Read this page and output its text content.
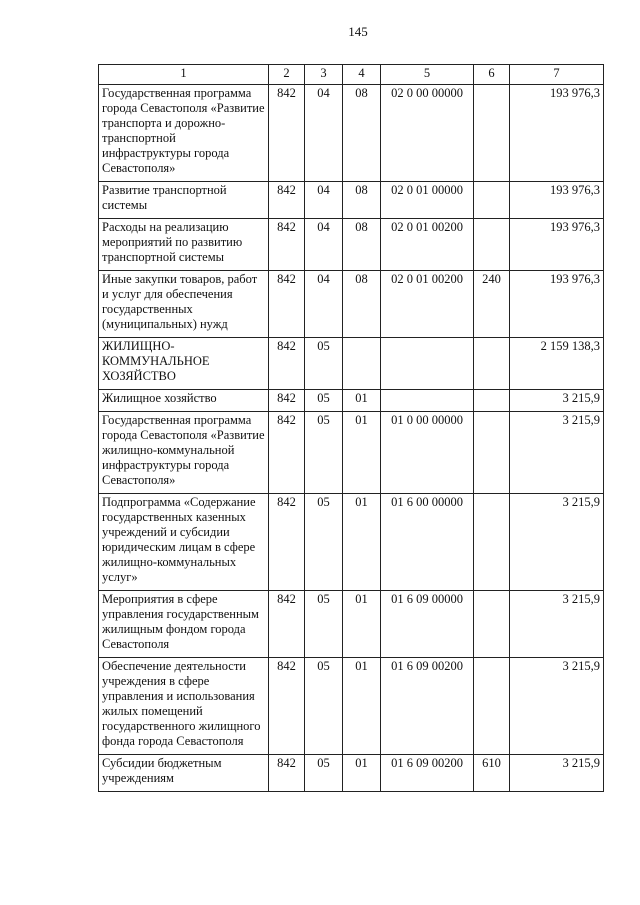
145
1	2	3	4	5	6	7
Государственная программа города Севастополя «Развитие транспорта и дорожно-транспортной инфраструктуры города Севастополя»	842	04	08	02 0 00 00000		193 976,3
Развитие транспортной системы	842	04	08	02 0 01 00000		193 976,3
Расходы на реализацию мероприятий по развитию транспортной системы	842	04	08	02 0 01 00200		193 976,3
Иные закупки товаров, работ и услуг для обеспечения государственных (муниципальных) нужд	842	04	08	02 0 01 00200	240	193 976,3
ЖИЛИЩНО-КОММУНАЛЬНОЕ ХОЗЯЙСТВО	842	05				2 159 138,3
Жилищное хозяйство	842	05	01			3 215,9
Государственная программа города Севастополя «Развитие жилищно-коммунальной инфраструктуры города Севастополя»	842	05	01	01 0 00 00000		3 215,9
Подпрограмма «Содержание государственных казенных учреждений и субсидии юридическим лицам в сфере жилищно-коммунальных услуг»	842	05	01	01 6 00 00000		3 215,9
Мероприятия в сфере управления государственным жилищным фондом города Севастополя	842	05	01	01 6 09 00000		3 215,9
Обеспечение деятельности учреждения в сфере управления и использования жилых помещений государственного жилищного фонда города Севастополя	842	05	01	01 6 09 00200		3 215,9
Субсидии бюджетным учреждениям	842	05	01	01 6 09 00200	610	3 215,9
